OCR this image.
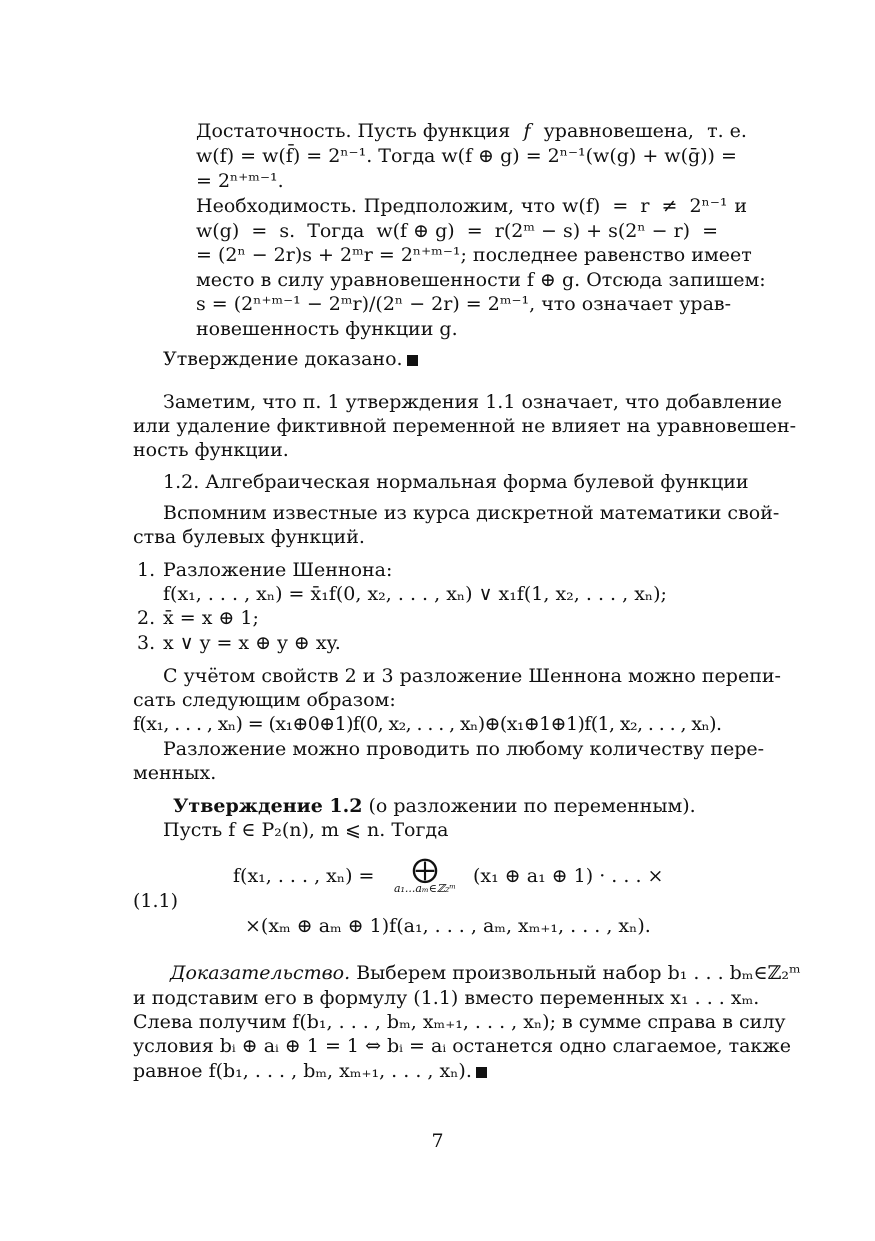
Достаточность. Пусть функция f уравновешена, т. е.
w(f) = w(f̄) = 2ⁿ⁻¹. Тогда w(f ⊕ g) = 2ⁿ⁻¹(w(g) + w(ḡ)) =
= 2ⁿ⁺ᵐ⁻¹.
Необходимость. Предположим, что w(f)  =  r  ≠  2ⁿ⁻¹ и
w(g)  =  s.  Тогда  w(f ⊕ g)  =  r(2ᵐ − s) + s(2ⁿ − r)  =
= (2ⁿ − 2r)s + 2ᵐr = 2ⁿ⁺ᵐ⁻¹; последнее равенство имеет
место в силу уравновешенности f ⊕ g. Отсюда запишем:
s = (2ⁿ⁺ᵐ⁻¹ − 2ᵐr)/(2ⁿ − 2r) = 2ᵐ⁻¹, что означает урав-
новешенность функции g.
Утверждение доказано.
Заметим, что п. 1 утверждения 1.1 означает, что добавление
или удаление фиктивной переменной не влияет на уравновешен-
ность функции.
1.2. Алгебраическая нормальная форма булевой функции
Вспомним известные из курса дискретной математики свой-
ства булевых функций.
1. Разложение Шеннона:
f(x₁, . . . , xₙ) = x̄₁f(0, x₂, . . . , xₙ) ∨ x₁f(1, x₂, . . . , xₙ);
2. x̄ = x ⊕ 1;
3. x ∨ y = x ⊕ y ⊕ xy.
С учётом свойств 2 и 3 разложение Шеннона можно перепи-
сать следующим образом:
f(x₁, . . . , xₙ) = (x₁⊕0⊕1)f(0, x₂, . . . , xₙ)⊕(x₁⊕1⊕1)f(1, x₂, . . . , xₙ).
Разложение можно проводить по любому количеству пере-
менных.
Утверждение 1.2 (о разложении по переменным).
Пусть f ∈ P₂(n), m ⩽ n. Тогда
(1.1)
f(x₁, . . . , xₙ) =	⨁
a₁...aₘ∈ℤ₂ᵐ
(x₁ ⊕ a₁ ⊕ 1) · . . . ×
×(xₘ ⊕ aₘ ⊕ 1)f(a₁, . . . , aₘ, xₘ₊₁, . . . , xₙ).
Доказательство. Выберем произвольный набор b₁ . . . bₘ∈ℤ₂ᵐ
и подставим его в формулу (1.1) вместо переменных x₁ . . . xₘ.
Слева получим f(b₁, . . . , bₘ, xₘ₊₁, . . . , xₙ); в сумме справа в силу
условия bᵢ ⊕ aᵢ ⊕ 1 = 1 ⇔ bᵢ = aᵢ останется одно слагаемое, также
равное f(b₁, . . . , bₘ, xₘ₊₁, . . . , xₙ).
7
